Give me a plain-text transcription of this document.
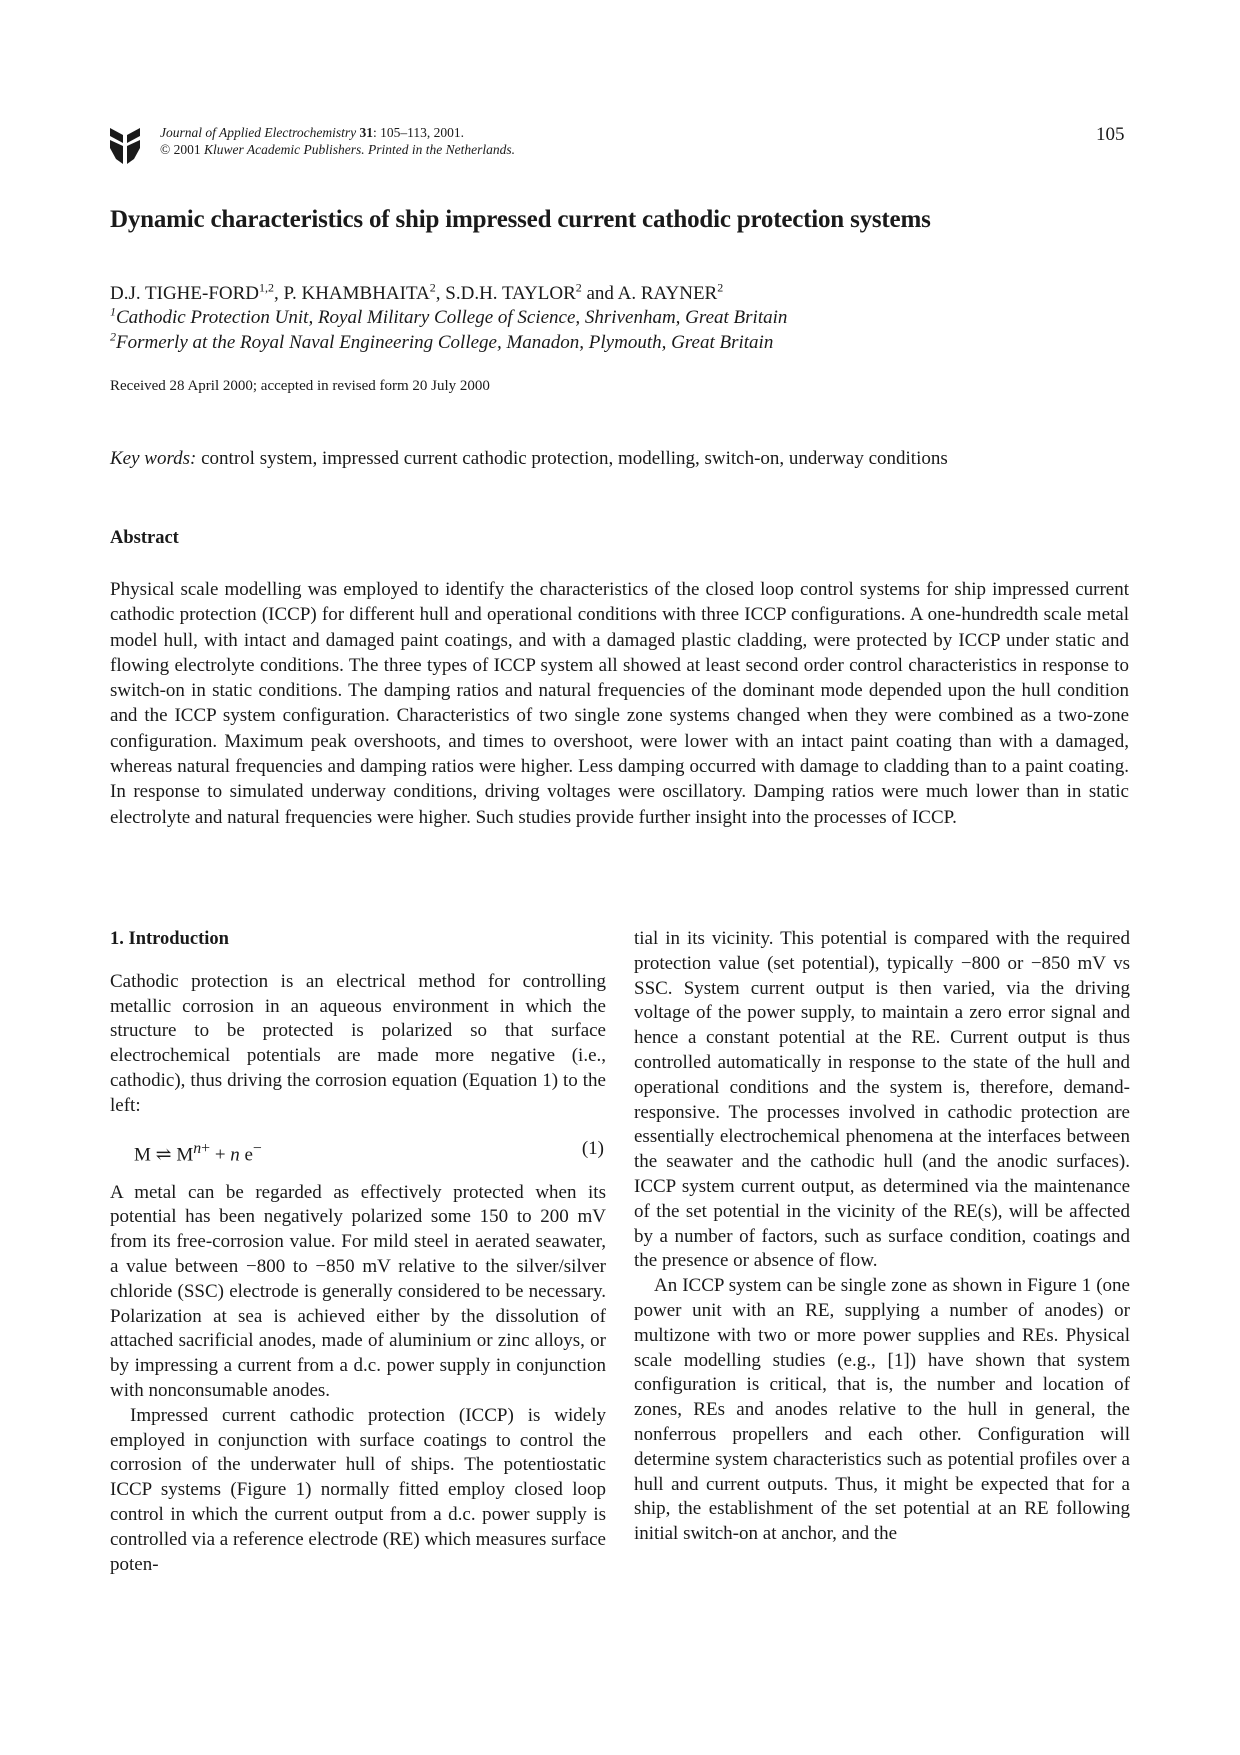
Journal of Applied Electrochemistry 31: 105–113, 2001.
© 2001 Kluwer Academic Publishers. Printed in the Netherlands.
105
Dynamic characteristics of ship impressed current cathodic protection systems
D.J. TIGHE-FORD$^{1,2}$, P. KHAMBHAITA$^2$, S.D.H. TAYLOR$^2$ and A. RAYNER$^2$
$^1$Cathodic Protection Unit, Royal Military College of Science, Shrivenham, Great Britain
$^2$Formerly at the Royal Naval Engineering College, Manadon, Plymouth, Great Britain
Received 28 April 2000; accepted in revised form 20 July 2000
Key words: control system, impressed current cathodic protection, modelling, switch-on, underway conditions
Abstract
Physical scale modelling was employed to identify the characteristics of the closed loop control systems for ship impressed current cathodic protection (ICCP) for different hull and operational conditions with three ICCP configurations. A one-hundredth scale metal model hull, with intact and damaged paint coatings, and with a damaged plastic cladding, were protected by ICCP under static and flowing electrolyte conditions. The three types of ICCP system all showed at least second order control characteristics in response to switch-on in static conditions. The damping ratios and natural frequencies of the dominant mode depended upon the hull condition and the ICCP system configuration. Characteristics of two single zone systems changed when they were combined as a two-zone configuration. Maximum peak overshoots, and times to overshoot, were lower with an intact paint coating than with a damaged, whereas natural frequencies and damping ratios were higher. Less damping occurred with damage to cladding than to a paint coating. In response to simulated underway conditions, driving voltages were oscillatory. Damping ratios were much lower than in static electrolyte and natural frequencies were higher. Such studies provide further insight into the processes of ICCP.

1. Introduction

Cathodic protection is an electrical method for controlling metallic corrosion in an aqueous environment in which the structure to be protected is polarized so that surface electrochemical potentials are made more negative (i.e., cathodic), thus driving the corrosion equation (Equation 1) to the left:

M ⇌ $M^{n+} + n$ e−	(1)

A metal can be regarded as effectively protected when its potential has been negatively polarized some 150 to 200 mV from its free-corrosion value. For mild steel in aerated seawater, a value between −800 to −850 mV relative to the silver/silver chloride (SSC) electrode is generally considered to be necessary. Polarization at sea is achieved either by the dissolution of attached sacrificial anodes, made of aluminium or zinc alloys, or by impressing a current from a d.c. power supply in conjunction with nonconsumable anodes.

Impressed current cathodic protection (ICCP) is widely employed in conjunction with surface coatings to control the corrosion of the underwater hull of ships. The potentiostatic ICCP systems (Figure 1) normally fitted employ closed loop control in which the current output from a d.c. power supply is controlled via a reference electrode (RE) which measures surface poten-

tial in its vicinity. This potential is compared with the required protection value (set potential), typically −800 or −850 mV vs SSC. System current output is then varied, via the driving voltage of the power supply, to maintain a zero error signal and hence a constant potential at the RE. Current output is thus controlled automatically in response to the state of the hull and operational conditions and the system is, therefore, demand-responsive. The processes involved in cathodic protection are essentially electrochemical phenomena at the interfaces between the seawater and the cathodic hull (and the anodic surfaces). ICCP system current output, as determined via the maintenance of the set potential in the vicinity of the RE(s), will be affected by a number of factors, such as surface condition, coatings and the presence or absence of flow.

An ICCP system can be single zone as shown in Figure 1 (one power unit with an RE, supplying a number of anodes) or multizone with two or more power supplies and REs. Physical scale modelling studies (e.g., [1]) have shown that system configuration is critical, that is, the number and location of zones, REs and anodes relative to the hull in general, the nonferrous propellers and each other. Configuration will determine system characteristics such as potential profiles over a hull and current outputs. Thus, it might be expected that for a ship, the establishment of the set potential at an RE following initial switch-on at anchor, and the
